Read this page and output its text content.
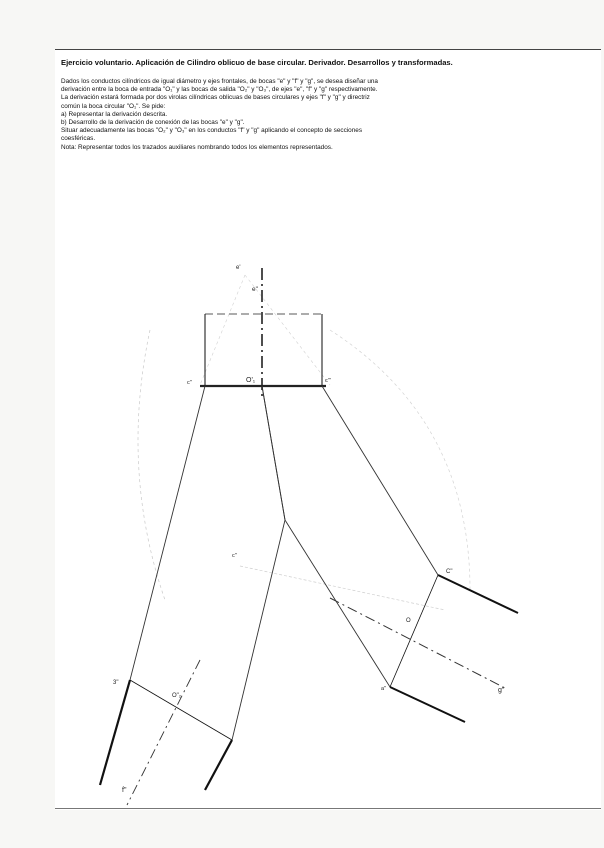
Ejercicio voluntario. Aplicación de Cilindro oblicuo de base circular. Derivador. Desarrollos y transformadas.

Dados los conductos cilíndricos de igual diámetro y ejes frontales, de bocas "e" y "f" y "g", se desea diseñar una

derivación entre la boca de entrada "O₁" y las bocas de salida "O₂" y "O₃", de ejes "e", "f" y "g" respectivamente.

La derivación estará formada por dos virolas cilíndricas oblicuas de bases circulares y ejes "f" y "g" y directriz

común la boca circular "O₁". Se pide:

a) Representar la derivación descrita.

b) Desarrollo de la derivación de conexión de las bocas "e" y "g".

Situar adecuadamente las bocas "O₂" y "O₃" en los conductos "f" y "g" aplicando el concepto de secciones

coesféricas.

Nota: Representar todos los trazados auxiliares nombrando todos los elementos representados.

e'
e"
O'₁
c"	c'"
c"
3"
O"₂
f"
C"
O
a"	g"
